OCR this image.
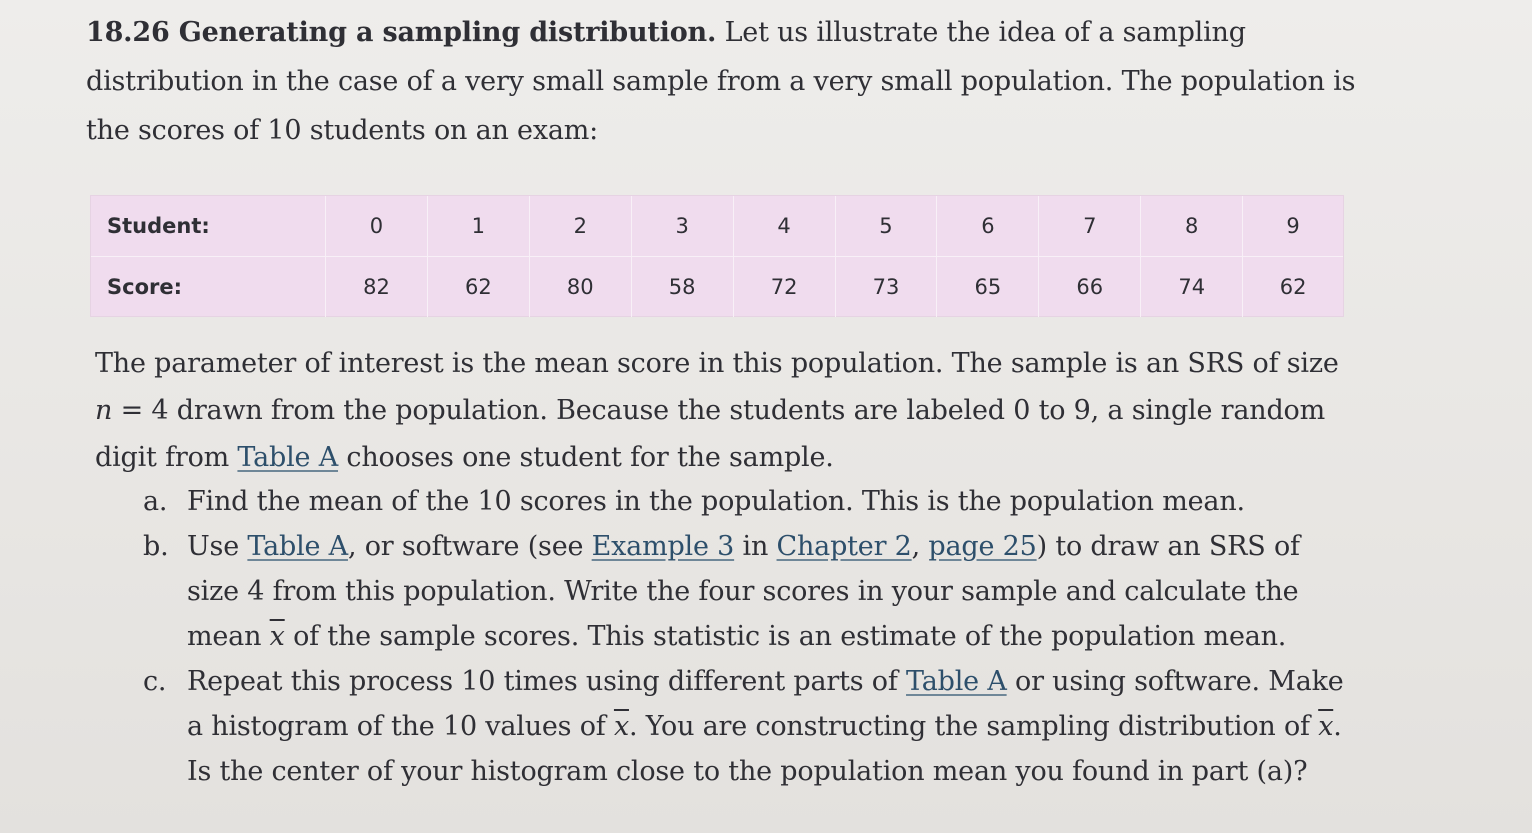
18.26 Generating a sampling distribution. Let us illustrate the idea of a sampling distribution in the case of a very small sample from a very small population. The population is the scores of 10 students on an exam:
Student:	0	1	2	3	4	5	6	7	8	9
Score:	82	62	80	58	72	73	65	66	74	62

The parameter of interest is the mean score in this population. The sample is an SRS of size n = 4 drawn from the population. Because the students are labeled 0 to 9, a single random digit from Table A chooses one student for the sample.

a. Find the mean of the 10 scores in the population. This is the population mean.
b. Use Table A, or software (see Example 3 in Chapter 2, page 25) to draw an SRS of size 4 from this population. Write the four scores in your sample and calculate the mean $\overline{x}$ of the sample scores. This statistic is an estimate of the population mean.
c. Repeat this process 10 times using different parts of Table A or using software. Make a histogram of the 10 values of $\overline{x}$. You are constructing the sampling distribution of $\overline{x}$. Is the center of your histogram close to the population mean you found in part (a)?
